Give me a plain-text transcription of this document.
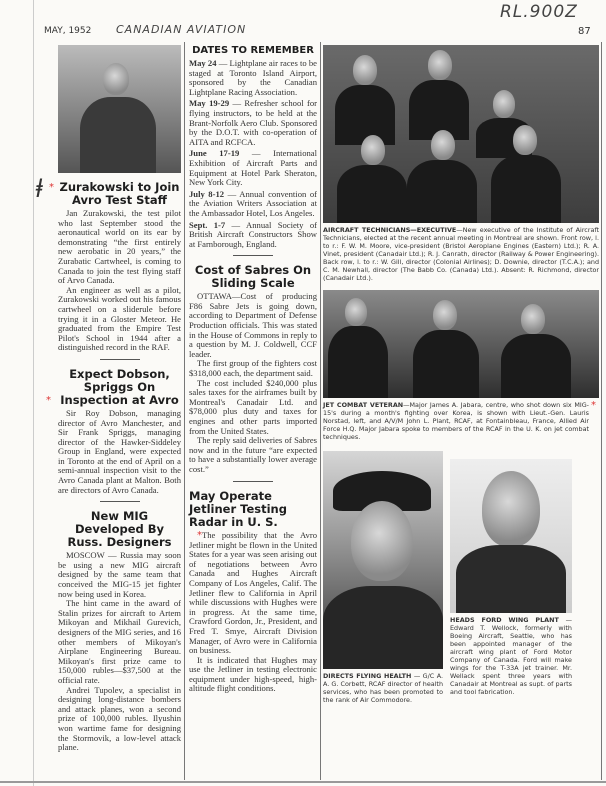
RL.900Z
MAY, 1952 CANADIAN AVIATION	87
ⱡ * Zurakowski to Join Avro Test Staff

Jan Zurakowski, the test pilot who last September stood the aeronautical world on its ear by demonstrating “the first entirely new aerobatic in 20 years,” the Zurabatic Cartwheel, is coming to Canada to join the test flying staff of Arvo Canada.

An engineer as well as a pilot, Zurakowski worked out his famous cartwheel on a sliderule before trying it in a Gloster Meteor. He graduated from the Empire Test Pilot's School in 1944 after a distinguished record in the RAF.

*
Expect Dobson, Spriggs On Inspection at Avro

Sir Roy Dobson, managing director of Avro Manchester, and Sir Frank Spriggs, managing director of the Hawker-Siddeley Group in England, were expected in Toronto at the end of April on a semi-annual inspection visit to the Avro Canada plant at Malton. Both are directors of Avro Canada.

New MIG Developed By Russ. Designers

MOSCOW — Russia may soon be using a new MIG aircraft designed by the same team that conceived the MIG-15 jet fighter now being used in Korea.

The hint came in the award of Stalin prizes for aircraft to Artem Mikoyan and Mikhail Gurevich, designers of the MIG series, and 16 other members of Mikoyan's Airplane Engineering Bureau. Mikoyan's first prize came to 150,000 rubles—$37,500 at the official rate.

Andrei Tupolev, a specialist in designing long-distance bombers and attack planes, won a second prize of 100,000 rubles. Ilyushin won wartime fame for designing the Stormovik, a low-level attack plane.

DATES TO REMEMBER
May 24 — Lightplane air races to be staged at Toronto Island Airport, sponsored by the Canadian Lightplane Racing Association.
May 19-29 — Refresher school for flying instructors, to be held at the Brant-Norfolk Aero Club. Sponsored by the D.O.T. with co-operation of AITA and RCFCA.
June 17-19 — International Exhibition of Aircraft Parts and Equipment at Hotel Park Sheraton, New York City.
July 8-12 — Annual convention of the Aviation Writers Association at the Ambassador Hotel, Los Angeles.
Sept. 1-7 — Annual Society of British Aircraft Constructors Show at Farnborough, England.
Cost of Sabres On Sliding Scale

OTTAWA—Cost of producing F86 Sabre Jets is going down, according to Department of Defense Production officials. This was stated in the House of Commons in reply to a question by M. J. Coldwell, CCF leader.

The first group of the fighters cost $318,000 each, the department said.

The cost included $240,000 plus sales taxes for the airframes built by Montreal's Canadair Ltd. and $78,000 plus duty and taxes for engines and other parts imported from the United States.

The reply said deliveries of Sabres now and in the future “are expected to have a substantially lower average cost.”

May Operate Jetliner Testing Radar in U. S.

*The possibility that the Avro Jetliner might be flown in the United States for a year was seen arising out of negotiations between Avro Canada and Hughes Aircraft Company of Los Angeles, Calif. The Jetliner flew to California in April while discussions with Hughes were in progress. At the same time, Crawford Gordon, Jr., President, and Fred T. Smye, Aircraft Division Manager, of Avro were in California on business.

It is indicated that Hughes may use the Jetliner in testing electronic equipment under high-speed, high-altitude flight conditions.

AIRCRAFT TECHNICIANS—EXECUTIVE—New executive of the Institute of Aircraft Technicians, elected at the recent annual meeting in Montreal are shown. Front row, l. to r.: F. W. M. Moore, vice-president (Bristol Aeroplane Engines (Eastern) Ltd.); R. A. Vinet, president (Canadair Ltd.); R. J. Canrath, director (Railway & Power Engineering). Back row, l. to r.: W. Gill, director (Colonial Airlines); D. Downie, director (T.C.A.); and C. M. Newhall, director (The Babb Co. (Canada) Ltd.). Absent: R. Richmond, director (Canadair Ltd.).
JET COMBAT VETERAN—Major James A. Jabara, centre, who shot down six MIG-15's during a month's fighting over Korea, is shown with Lieut.-Gen. Lauris Norstad, left, and A/V/M John L. Plant, RCAF, at Fontainbleau, France, Allied Air Force H.Q. Major Jabara spoke to members of the RCAF in the U. K. on jet combat techniques.
*
DIRECTS FLYING HEALTH — G/C A. A. G. Corbett, RCAF director of health services, who has been promoted to the rank of Air Commodore.
HEADS FORD WING PLANT — Edward T. Wellock, formerly with Boeing Aircraft, Seattle, who has been appointed manager of the aircraft wing plant of Ford Motor Company of Canada. Ford will make wings for the T-33A jet trainer. Mr. Wellack spent three years with Canadair at Montreal as supt. of parts and tool fabrication.
